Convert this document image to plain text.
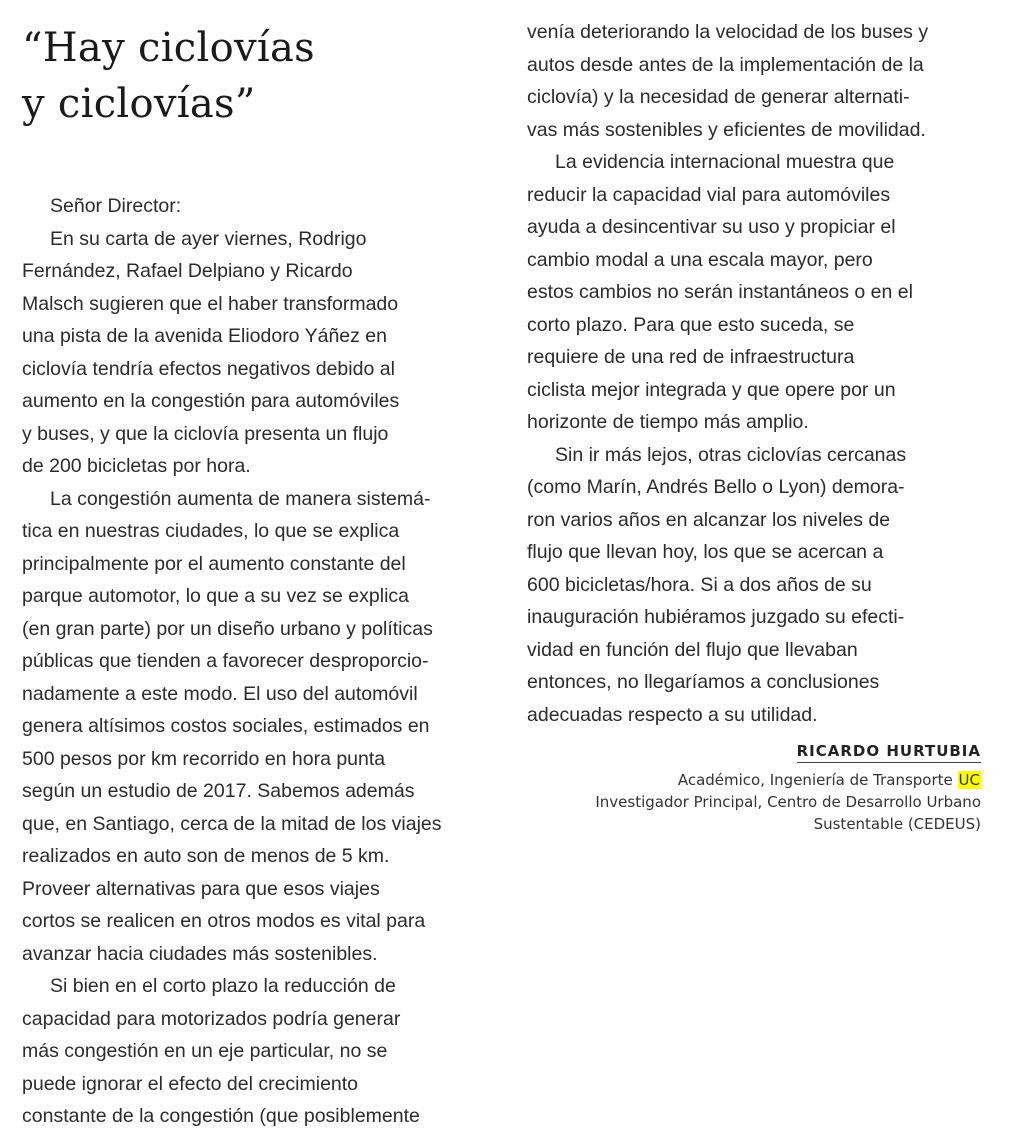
“Hay ciclovías
y ciclovías”
Señor Director:

En su carta de ayer viernes, Rodrigo
Fernández, Rafael Delpiano y Ricardo
Malsch sugieren que el haber transformado
una pista de la avenida Eliodoro Yáñez en
ciclovía tendría efectos negativos debido al
aumento en la congestión para automóviles
y buses, y que la ciclovía presenta un flujo
de 200 bicicletas por hora.

La congestión aumenta de manera sistemá-
tica en nuestras ciudades, lo que se explica
principalmente por el aumento constante del
parque automotor, lo que a su vez se explica
(en gran parte) por un diseño urbano y políticas
públicas que tienden a favorecer desproporcio-
nadamente a este modo. El uso del automóvil
genera altísimos costos sociales, estimados en
500 pesos por km recorrido en hora punta
según un estudio de 2017. Sabemos además
que, en Santiago, cerca de la mitad de los viajes
realizados en auto son de menos de 5 km.
Proveer alternativas para que esos viajes
cortos se realicen en otros modos es vital para
avanzar hacia ciudades más sostenibles.

Si bien en el corto plazo la reducción de
capacidad para motorizados podría generar
más congestión en un eje particular, no se
puede ignorar el efecto del crecimiento
constante de la congestión (que posiblemente

venía deteriorando la velocidad de los buses y
autos desde antes de la implementación de la
ciclovía) y la necesidad de generar alternati-
vas más sostenibles y eficientes de movilidad.

La evidencia internacional muestra que
reducir la capacidad vial para automóviles
ayuda a desincentivar su uso y propiciar el
cambio modal a una escala mayor, pero
estos cambios no serán instantáneos o en el
corto plazo. Para que esto suceda, se
requiere de una red de infraestructura
ciclista mejor integrada y que opere por un
horizonte de tiempo más amplio.

Sin ir más lejos, otras ciclovías cercanas
(como Marín, Andrés Bello o Lyon) demora-
ron varios años en alcanzar los niveles de
flujo que llevan hoy, los que se acercan a
600 bicicletas/hora. Si a dos años de su
inauguración hubiéramos juzgado su efecti-
vidad en función del flujo que llevaban
entonces, no llegaríamos a conclusiones
adecuadas respecto a su utilidad.

RICARDO HURTUBIA
Académico, Ingeniería de Transporte UC
Investigador Principal, Centro de Desarrollo Urbano
Sustentable (CEDEUS)
